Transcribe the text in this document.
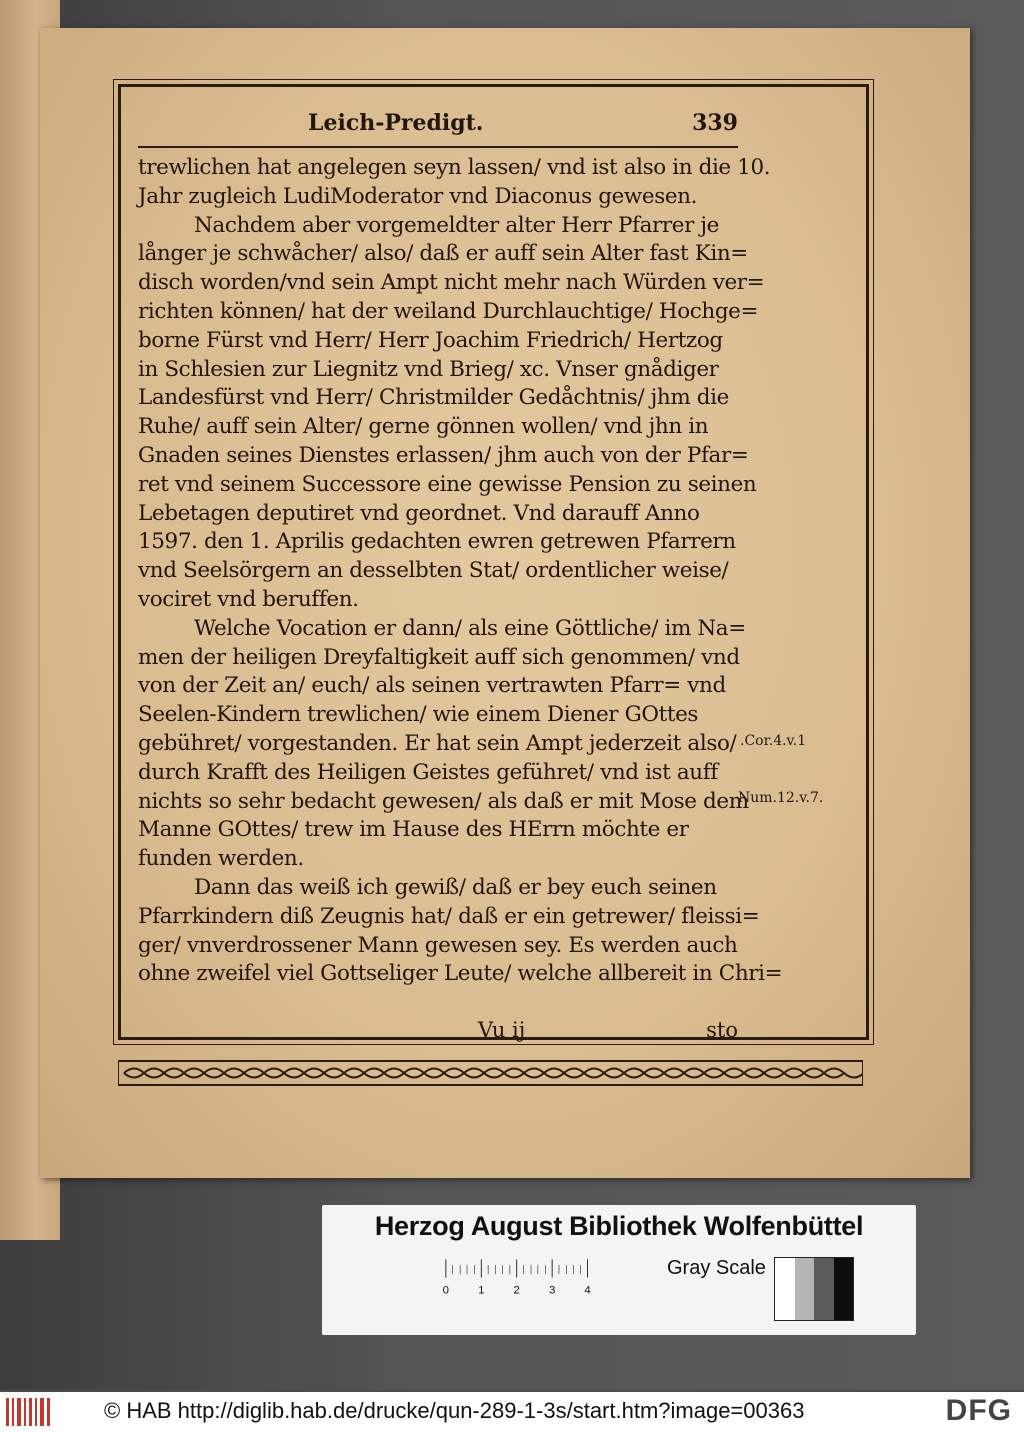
Leich-Predigt.	339
trewlichen hat angelegen seyn lassen/ vnd ist also in die 10.
Jahr zugleich LudiModerator vnd Diaconus gewesen.
Nachdem aber vorgemeldter alter Herr Pfarrer je
långer je schwåcher/ also/ daß er auff sein Alter fast Kin=
disch worden/vnd sein Ampt nicht mehr nach Würden ver=
richten können/ hat der weiland Durchlauchtige/ Hochge=
borne Fürst vnd Herr/ Herr Joachim Friedrich/ Hertzog
in Schlesien zur Liegnitz vnd Brieg/ xc. Vnser gnådiger
Landesfürst vnd Herr/ Christmilder Gedåchtnis/ jhm die
Ruhe/ auff sein Alter/ gerne gönnen wollen/ vnd jhn in
Gnaden seines Dienstes erlassen/ jhm auch von der Pfar=
ret vnd seinem Successore eine gewisse Pension zu seinen
Lebetagen deputiret vnd geordnet. Vnd darauff Anno
1597. den 1. Aprilis gedachten ewren getrewen Pfarrern
vnd Seelsörgern an desselbten Stat/ ordentlicher weise/
vociret vnd beruffen.
Welche Vocation er dann/ als eine Göttliche/ im Na=
men der heiligen Dreyfaltigkeit auff sich genommen/ vnd
von der Zeit an/ euch/ als seinen vertrawten Pfarr= vnd
Seelen-Kindern trewlichen/ wie einem Diener GOttes
gebühret/ vorgestanden. Er hat sein Ampt jederzeit also/
durch Krafft des Heiligen Geistes geführet/ vnd ist auff
nichts so sehr bedacht gewesen/ als daß er mit Mose dem
Manne GOttes/ trew im Hause des HErrn möchte er
funden werden.
Dann das weiß ich gewiß/ daß er bey euch seinen
Pfarrkindern diß Zeugnis hat/ daß er ein getrewer/ fleissi=
ger/ vnverdrossener Mann gewesen sey. Es werden auch
ohne zweifel viel Gottseliger Leute/ welche allbereit in Chri=
Vu ij	sto
.Cor.4.v.1
Num.12.v.7.
Herzog August Bibliothek Wolfenbüttel
0 1 2 3 4
Gray Scale
© HAB http://diglib.hab.de/drucke/qun-289-1-3s/start.htm?image=00363	DFG
